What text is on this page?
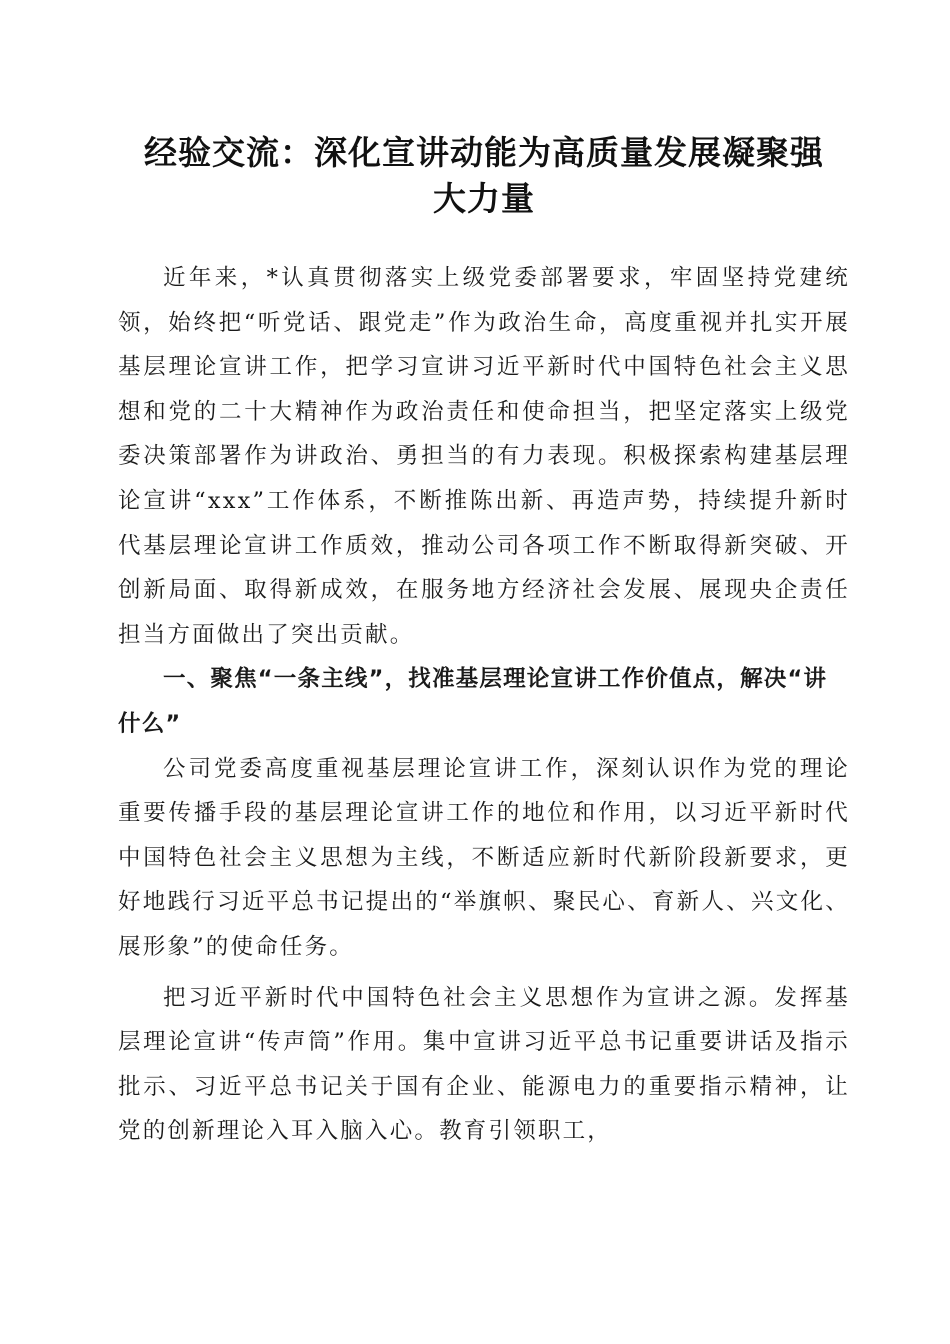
经验交流：深化宣讲动能为高质量发展凝聚强
大力量

近年来，*认真贯彻落实上级党委部署要求，牢固坚持党建统领，始终把“听党话、跟党走”作为政治生命，高度重视并扎实开展基层理论宣讲工作，把学习宣讲习近平新时代中国特色社会主义思想和党的二十大精神作为政治责任和使命担当，把坚定落实上级党委决策部署作为讲政治、勇担当的有力表现。积极探索构建基层理论宣讲“xxx”工作体系，不断推陈出新、再造声势，持续提升新时代基层理论宣讲工作质效，推动公司各项工作不断取得新突破、开创新局面、取得新成效，在服务地方经济社会发展、展现央企责任担当方面做出了突出贡献。

一、聚焦“一条主线”，找准基层理论宣讲工作价值点，解决“讲什么”

公司党委高度重视基层理论宣讲工作，深刻认识作为党的理论重要传播手段的基层理论宣讲工作的地位和作用，以习近平新时代中国特色社会主义思想为主线，不断适应新时代新阶段新要求，更好地践行习近平总书记提出的“举旗帜、聚民心、育新人、兴文化、展形象”的使命任务。

把习近平新时代中国特色社会主义思想作为宣讲之源。发挥基层理论宣讲“传声筒”作用。集中宣讲习近平总书记重要讲话及指示批示、习近平总书记关于国有企业、能源电力的重要指示精神，让党的创新理论入耳入脑入心。教育引领职工，
